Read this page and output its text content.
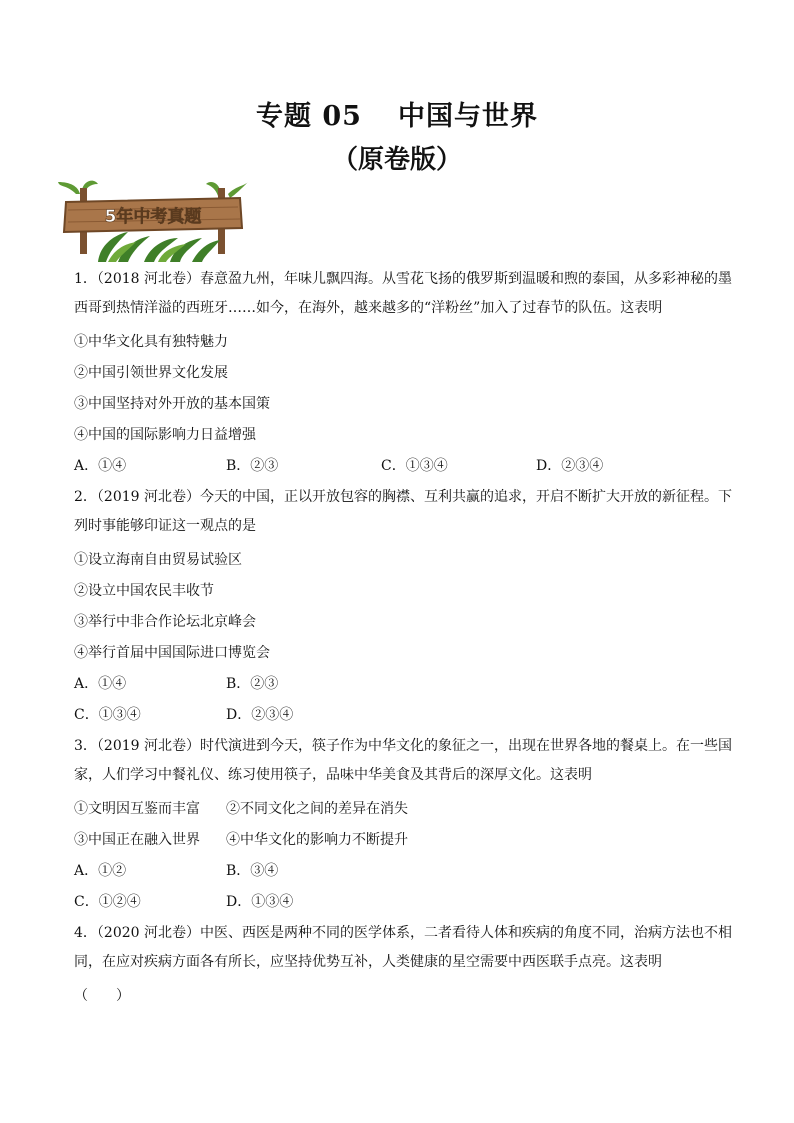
专题 05 中国与世界
（原卷版）
5年中考真题
1．（2018 河北卷）春意盈九州，年味儿飘四海。从雪花飞扬的俄罗斯到温暖和煦的泰国，从多彩神秘的墨
西哥到热情洋溢的西班牙……如今，在海外，越来越多的“洋粉丝”加入了过春节的队伍。这表明
①中华文化具有独特魅力
②中国引领世界文化发展
③中国坚持对外开放的基本国策
④中国的国际影响力日益增强
A．①④	B．②③	C．①③④	D．②③④
2．（2019 河北卷）今天的中国，正以开放包容的胸襟、互利共赢的追求，开启不断扩大开放的新征程。下
列时事能够印证这一观点的是
①设立海南自由贸易试验区
②设立中国农民丰收节
③举行中非合作论坛北京峰会
④举行首届中国国际进口博览会
A．①④	B．②③
C．①③④	D．②③④
3．（2019 河北卷）时代演进到今天，筷子作为中华文化的象征之一，出现在世界各地的餐桌上。在一些国
家，人们学习中餐礼仪、练习使用筷子，品味中华美食及其背后的深厚文化。这表明
①文明因互鉴而丰富	②不同文化之间的差异在消失
③中国正在融入世界	④中华文化的影响力不断提升
A．①②	B．③④
C．①②④	D．①③④
4．（2020 河北卷）中医、西医是两种不同的医学体系，二者看待人体和疾病的角度不同，治病方法也不相
同，在应对疾病方面各有所长，应坚持优势互补，人类健康的星空需要中西医联手点亮。这表明
（　　）
